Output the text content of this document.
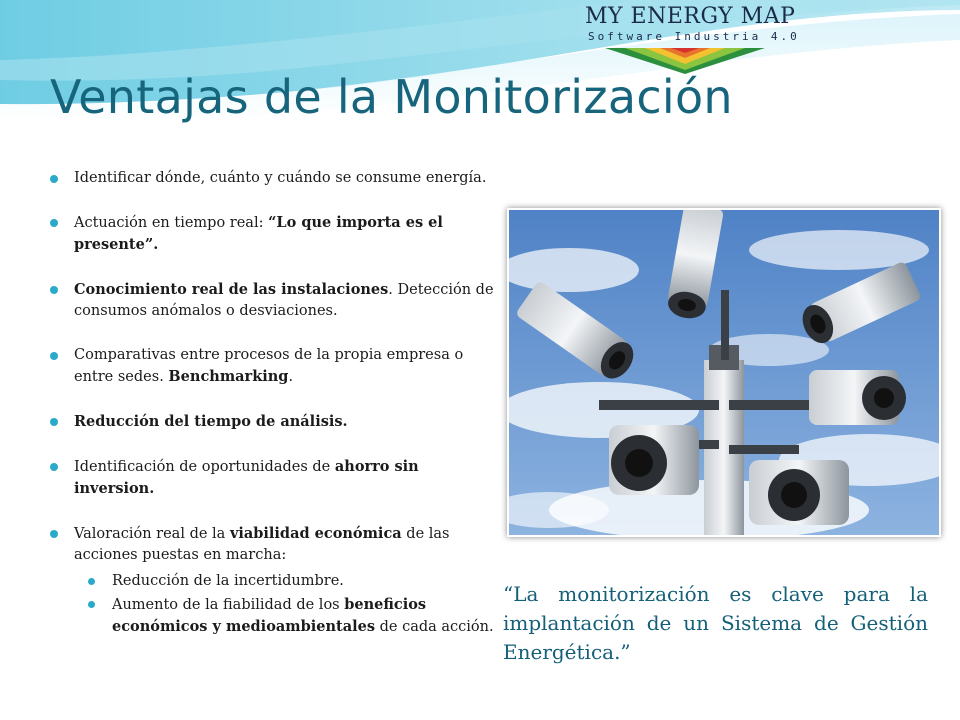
MY ENERGY MAP
Software Industria 4.0
Ventajas de la Monitorización
Identificar dónde, cuánto y cuándo se consume energía.
Actuación en tiempo real: “Lo que importa es el presente”.
Conocimiento real de las instalaciones. Detección de consumos anómalos o desviaciones.
Comparativas entre procesos de la propia empresa o entre sedes. Benchmarking.
Reducción del tiempo de análisis.
Identificación de oportunidades de ahorro sin inversion.
Valoración real de la viabilidad económica de las acciones puestas en marcha:
Reducción de la incertidumbre.
Aumento de la fiabilidad de los beneficios económicos y medioambientales de cada acción.
“La monitorización es clave para la implantación de un Sistema de Gestión Energética.”
